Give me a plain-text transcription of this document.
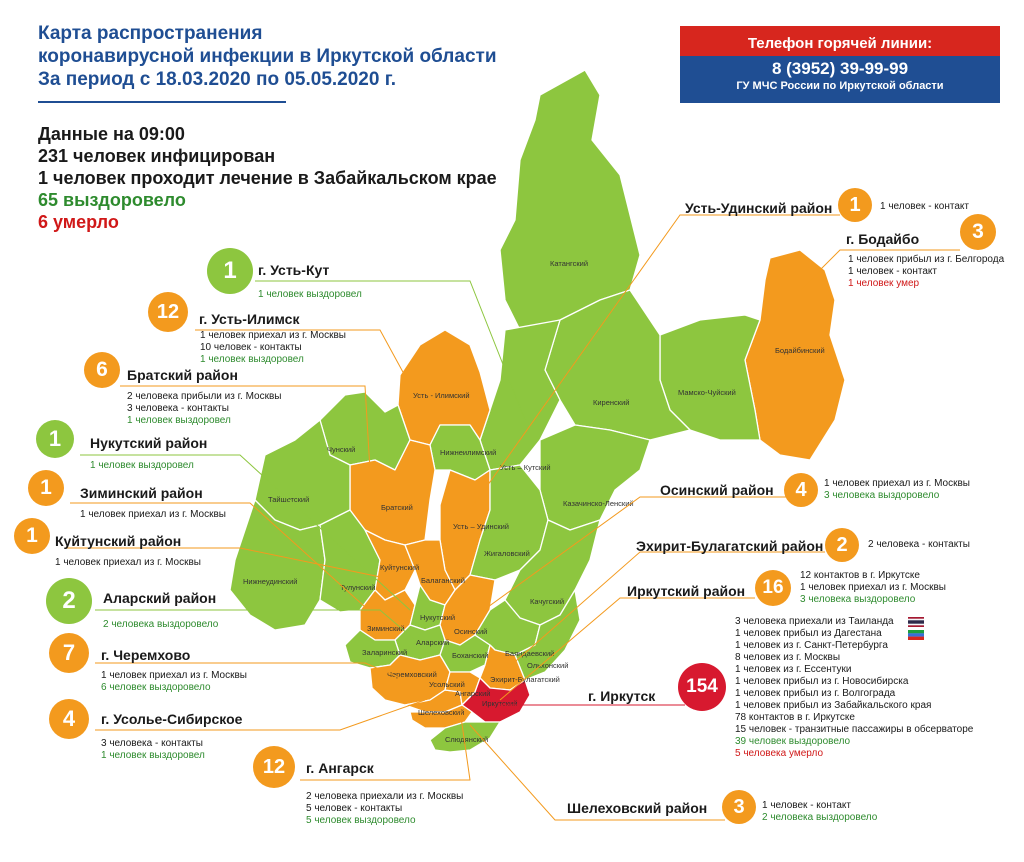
Карта распространения
коронавирусной инфекции в Иркутской области
За период с 18.03.2020 по 05.05.2020 г.
Данные на 09:00
231 человек инфицирован
1 человек проходит лечение в Забайкальском крае
65 выздоровело
6 умерло
Телефон горячей линии:
8 (3952) 39-99-99
ГУ МЧС России по Иркутской области
Катангский
Бодайбинский
Киренский
Мамско-Чуйский
Усть - Илимский
Нижнеилимский
Усть – Кутский
Чунский
Братский
Усть – Удинский
Казачинско-Ленский
Жигаловский
Тайшетский
Нижнеудинский
Тулунский
Куйтунский
Балаганский
Зиминский
Нукутский
Аларский
Осинский
Заларинский
Качугский
Баяндаевский
Ольхонский
Боханский
Черемховский
Эхирит-Булагатский
Усольский
Ангарский
Иркутский
Шелеховский
Слюдянский
1	г. Усть-Кут
1 человек выздоровел
12	г. Усть-Илимск
1 человек приехал из г. Москвы
10 человек - контакты
1 человек выздоровел
6	Братский район
2 человека прибыли из г. Москвы
3 человека - контакты
1 человек выздоровел
1	Нукутский район
1 человек выздоровел
1	Зиминский район
1 человек приехал из г. Москвы
1	Куйтунский район
1 человек приехал из г. Москвы
2	Аларский район
2 человека выздоровело
7	г. Черемхово
1 человек приехал из г. Москвы
6 человек выздоровело
4	г. Усолье-Сибирское
3 человека - контакты
1 человек выздоровел	12	г. Ангарск
2 человека приехали из г. Москвы
5 человек - контакты
5 человек выздоровело
Усть-Удинский район 1	1 человек - контакт
г. Бодайбо	3
1 человек прибыл из г. Белгорода
1 человек - контакт
1 человек умер
4
Осинский район	1 человек приехал из г. Москвы
3 человека выздоровело
Эхирит-Булагатский район 2	2 человека - контакты
Иркутский район 16
12 контактов в г. Иркутске
1 человек приехал из г. Москвы
3 человека выздоровело
г. Иркутск	154
3 человека приехали из Таиланда
1 человек прибыл из Дагестана
1 человек из г. Санкт-Петербурга
8 человек из г. Москвы
1 человек из г. Ессентуки
1 человек прибыл из г. Новосибирска
1 человек прибыл из г. Волгограда
1 человек прибыл из Забайкальского края
78 контактов в г. Иркутске
15 человек - транзитные пассажиры в обсерваторе
39 человек выздоровело
5 человека умерло
Шелеховский район	3	1 человек - контакт
2 человека выздоровело
